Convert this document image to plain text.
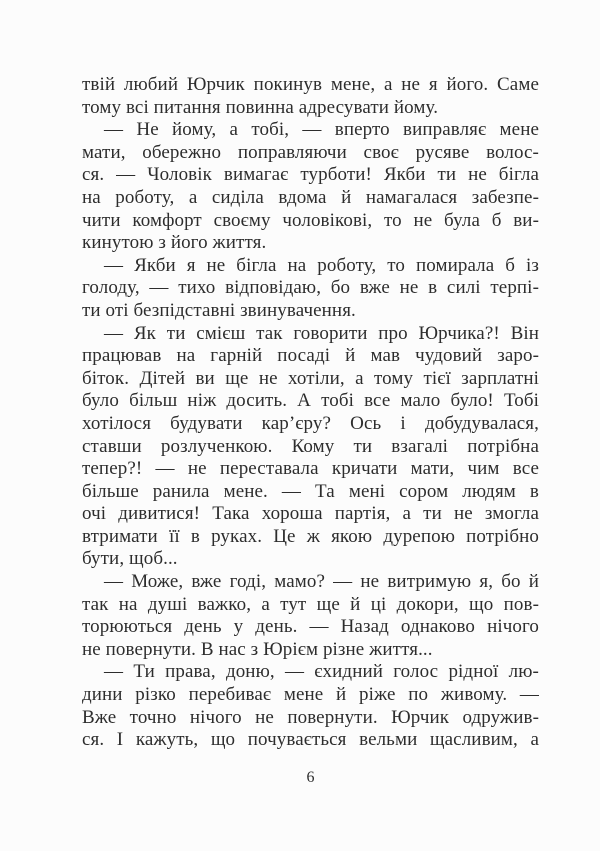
твій любий Юрчик покинув мене, а не я його. Саме
тому всі питання повинна адресувати йому.
— Не йому, а тобі, — вперто виправляє мене
мати, обережно поправляючи своє русяве волос-
ся. — Чоловік вимагає турботи! Якби ти не бігла
на роботу, а сиділа вдома й намагалася забезпе-
чити комфорт своєму чоловікові, то не була б ви-
кинутою з його життя.
— Якби я не бігла на роботу, то помирала б із
голоду, — тихо відповідаю, бо вже не в силі терпі-
ти оті безпідставні звинувачення.
— Як ти смієш так говорити про Юрчика?! Він
працював на гарній посаді й мав чудовий заро-
біток. Дітей ви ще не хотіли, а тому тієї зарплатні
було більш ніж досить. А тобі все мало було! Тобі
хотілося будувати кар’єру? Ось і добудувалася,
ставши розлученкою. Кому ти взагалі потрібна
тепер?! — не переставала кричати мати, чим все
більше ранила мене. — Та мені сором людям в
очі дивитися! Така хороша партія, а ти не змогла
втримати її в руках. Це ж якою дурепою потрібно
бути, щоб...
— Може, вже годі, мамо? — не витримую я, бо й
так на душі важко, а тут ще й ці докори, що пов-
торюються день у день. — Назад однаково нічого
не повернути. В нас з Юрієм різне життя...
— Ти права, доню, — єхидний голос рідної лю-
дини різко перебиває мене й ріже по живому. —
Вже точно нічого не повернути. Юрчик одружив-
ся. І кажуть, що почувається вельми щасливим, а
6
